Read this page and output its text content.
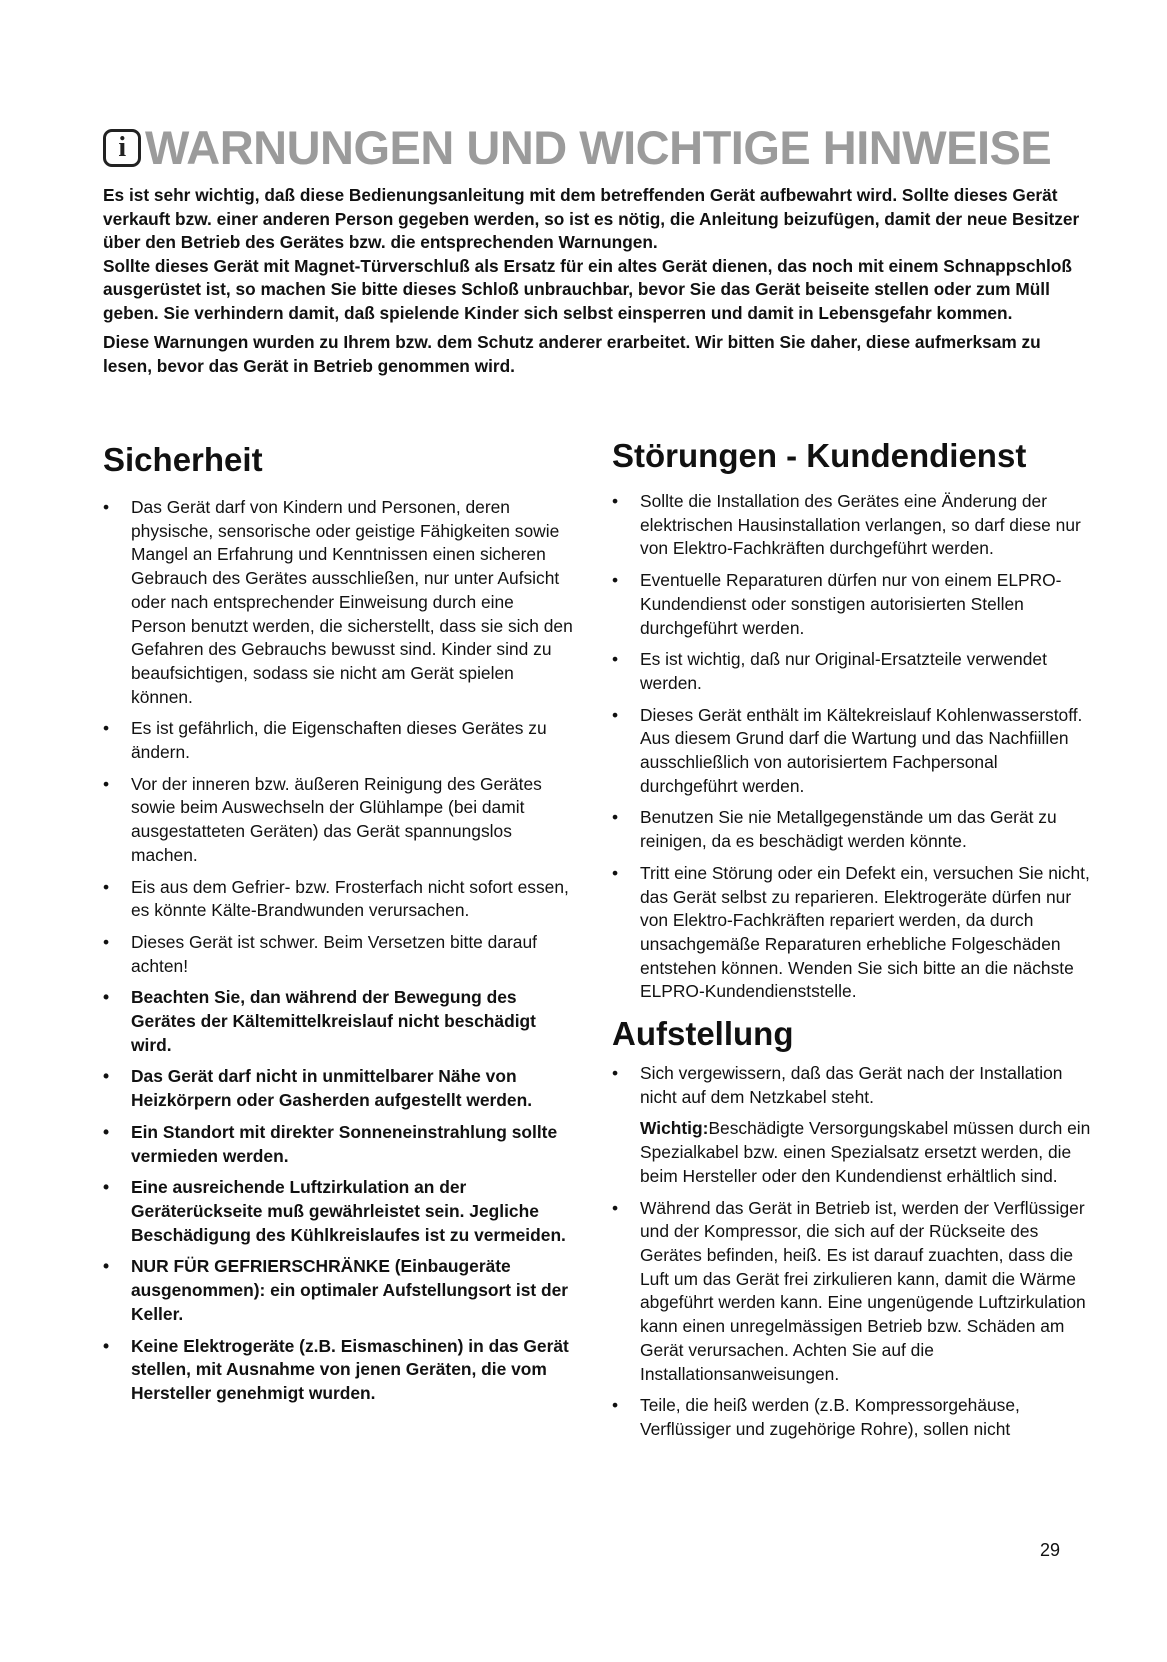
i WARNUNGEN UND WICHTIGE HINWEISE

Es ist sehr wichtig, daß diese Bedienungsanleitung mit dem betreffenden Gerät aufbewahrt wird. Sollte dieses Gerät verkauft bzw. einer anderen Person gegeben werden, so ist es nötig, die Anleitung beizufügen, damit der neue Besitzer über den Betrieb des Gerätes bzw. die entsprechenden Warnungen.

Sollte dieses Gerät mit Magnet-Türverschluß als Ersatz für ein altes Gerät dienen, das noch mit einem Schnappschloß ausgerüstet ist, so machen Sie bitte dieses Schloß unbrauchbar, bevor Sie das Gerät beiseite stellen oder zum Müll geben. Sie verhindern damit, daß spielende Kinder sich selbst einsperren und damit in Lebensgefahr kommen.

Diese Warnungen wurden zu Ihrem bzw. dem Schutz anderer erarbeitet. Wir bitten Sie daher, diese aufmerksam zu lesen, bevor das Gerät in Betrieb genommen wird.

Sicherheit
• Das Gerät darf von Kindern und Personen, deren physische, sensorische oder geistige Fähigkeiten sowie Mangel an Erfahrung und Kenntnissen einen sicheren Gebrauch des Gerätes ausschließen, nur unter Aufsicht oder nach entsprechender Einweisung durch eine Person benutzt werden, die sicherstellt, dass sie sich den Gefahren des Gebrauchs bewusst sind. Kinder sind zu beaufsichtigen, sodass sie nicht am Gerät spielen können.
• Es ist gefährlich, die Eigenschaften dieses Gerätes zu ändern.
• Vor der inneren bzw. äußeren Reinigung des Gerätes sowie beim Auswechseln der Glühlampe (bei damit ausgestatteten Geräten) das Gerät spannungslos machen.
• Eis aus dem Gefrier- bzw. Frosterfach nicht sofort essen, es könnte Kälte-Brandwunden verursachen.
• Dieses Gerät ist schwer. Beim Versetzen bitte darauf achten!
• Beachten Sie, dan während der Bewegung des Gerätes der Kältemittelkreislauf nicht beschädigt wird.
• Das Gerät darf nicht in unmittelbarer Nähe von Heizkörpern oder Gasherden aufgestellt werden.
• Ein Standort mit direkter Sonneneinstrahlung sollte vermieden werden.
• Eine ausreichende Luftzirkulation an der Geräterückseite muß gewährleistet sein. Jegliche Beschädigung des Kühlkreislaufes ist zu vermeiden.
• NUR FÜR GEFRIERSCHRÄNKE (Einbaugeräte ausgenommen): ein optimaler Aufstellungsort ist der Keller.
• Keine Elektrogeräte (z.B. Eismaschinen) in das Gerät stellen, mit Ausnahme von jenen Geräten, die vom Hersteller genehmigt wurden.
Störungen - Kundendienst
• Sollte die Installation des Gerätes eine Änderung der elektrischen Hausinstallation verlangen, so darf diese nur von Elektro-Fachkräften durchgeführt werden.
• Eventuelle Reparaturen dürfen nur von einem ELPRO-Kundendienst oder sonstigen autorisierten Stellen durchgeführt werden.
• Es ist wichtig, daß nur Original-Ersatzteile verwendet werden.
• Dieses Gerät enthält im Kältekreislauf Kohlenwasserstoff. Aus diesem Grund darf die Wartung und das Nachfiillen ausschließlich von autorisiertem Fachpersonal durchgeführt werden.
• Benutzen Sie nie Metallgegenstände um das Gerät zu reinigen, da es beschädigt werden könnte.
• Tritt eine Störung oder ein Defekt ein, versuchen Sie nicht, das Gerät selbst zu reparieren. Elektrogeräte dürfen nur von Elektro-Fachkräften repariert werden, da durch unsachgemäße Reparaturen erhebliche Folgeschäden entstehen können. Wenden Sie sich bitte an die nächste ELPRO-Kundendienststelle.
Aufstellung
• Sich vergewissern, daß das Gerät nach der Installation nicht auf dem Netzkabel steht.
Wichtig:Beschädigte Versorgungskabel müssen durch ein Spezialkabel bzw. einen Spezialsatz ersetzt werden, die beim Hersteller oder den Kundendienst erhältlich sind.
• Während das Gerät in Betrieb ist, werden der Verflüssiger und der Kompressor, die sich auf der Rückseite des Gerätes befinden, heiß. Es ist darauf zuachten, dass die Luft um das Gerät frei zirkulieren kann, damit die Wärme abgeführt werden kann. Eine ungenügende Luftzirkulation kann einen unregelmässigen Betrieb bzw. Schäden am Gerät verursachen. Achten Sie auf die Installationsanweisungen.
• Teile, die heiß werden (z.B. Kompressorgehäuse, Verflüssiger und zugehörige Rohre), sollen nicht
29
